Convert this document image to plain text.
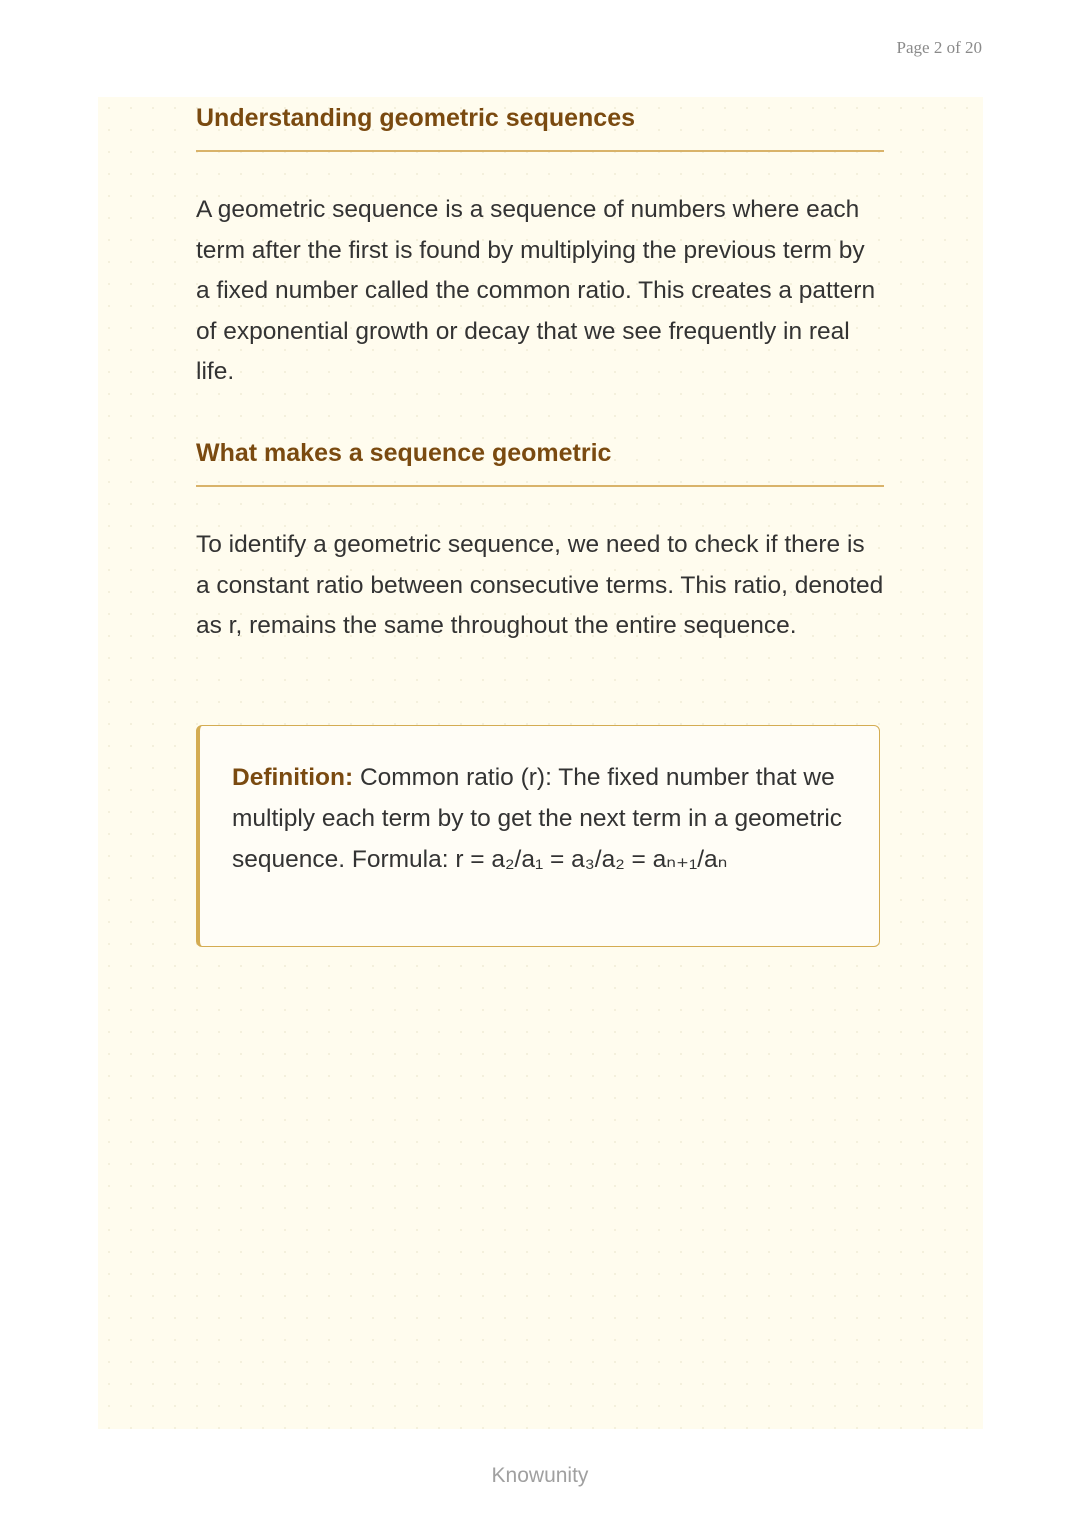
Page 2 of 20
Understanding geometric sequences

A geometric sequence is a sequence of numbers where each term after the first is found by multiplying the previous term by a fixed number called the common ratio. This creates a pattern of exponential growth or decay that we see frequently in real life.

What makes a sequence geometric

To identify a geometric sequence, we need to check if there is a constant ratio between consecutive terms. This ratio, denoted as r, remains the same throughout the entire sequence.

Definition: Common ratio (r): The fixed number that we multiply each term by to get the next term in a geometric sequence. Formula: r = a₂/a₁ = a₃/a₂ = aₙ₊₁/aₙ

Knowunity
